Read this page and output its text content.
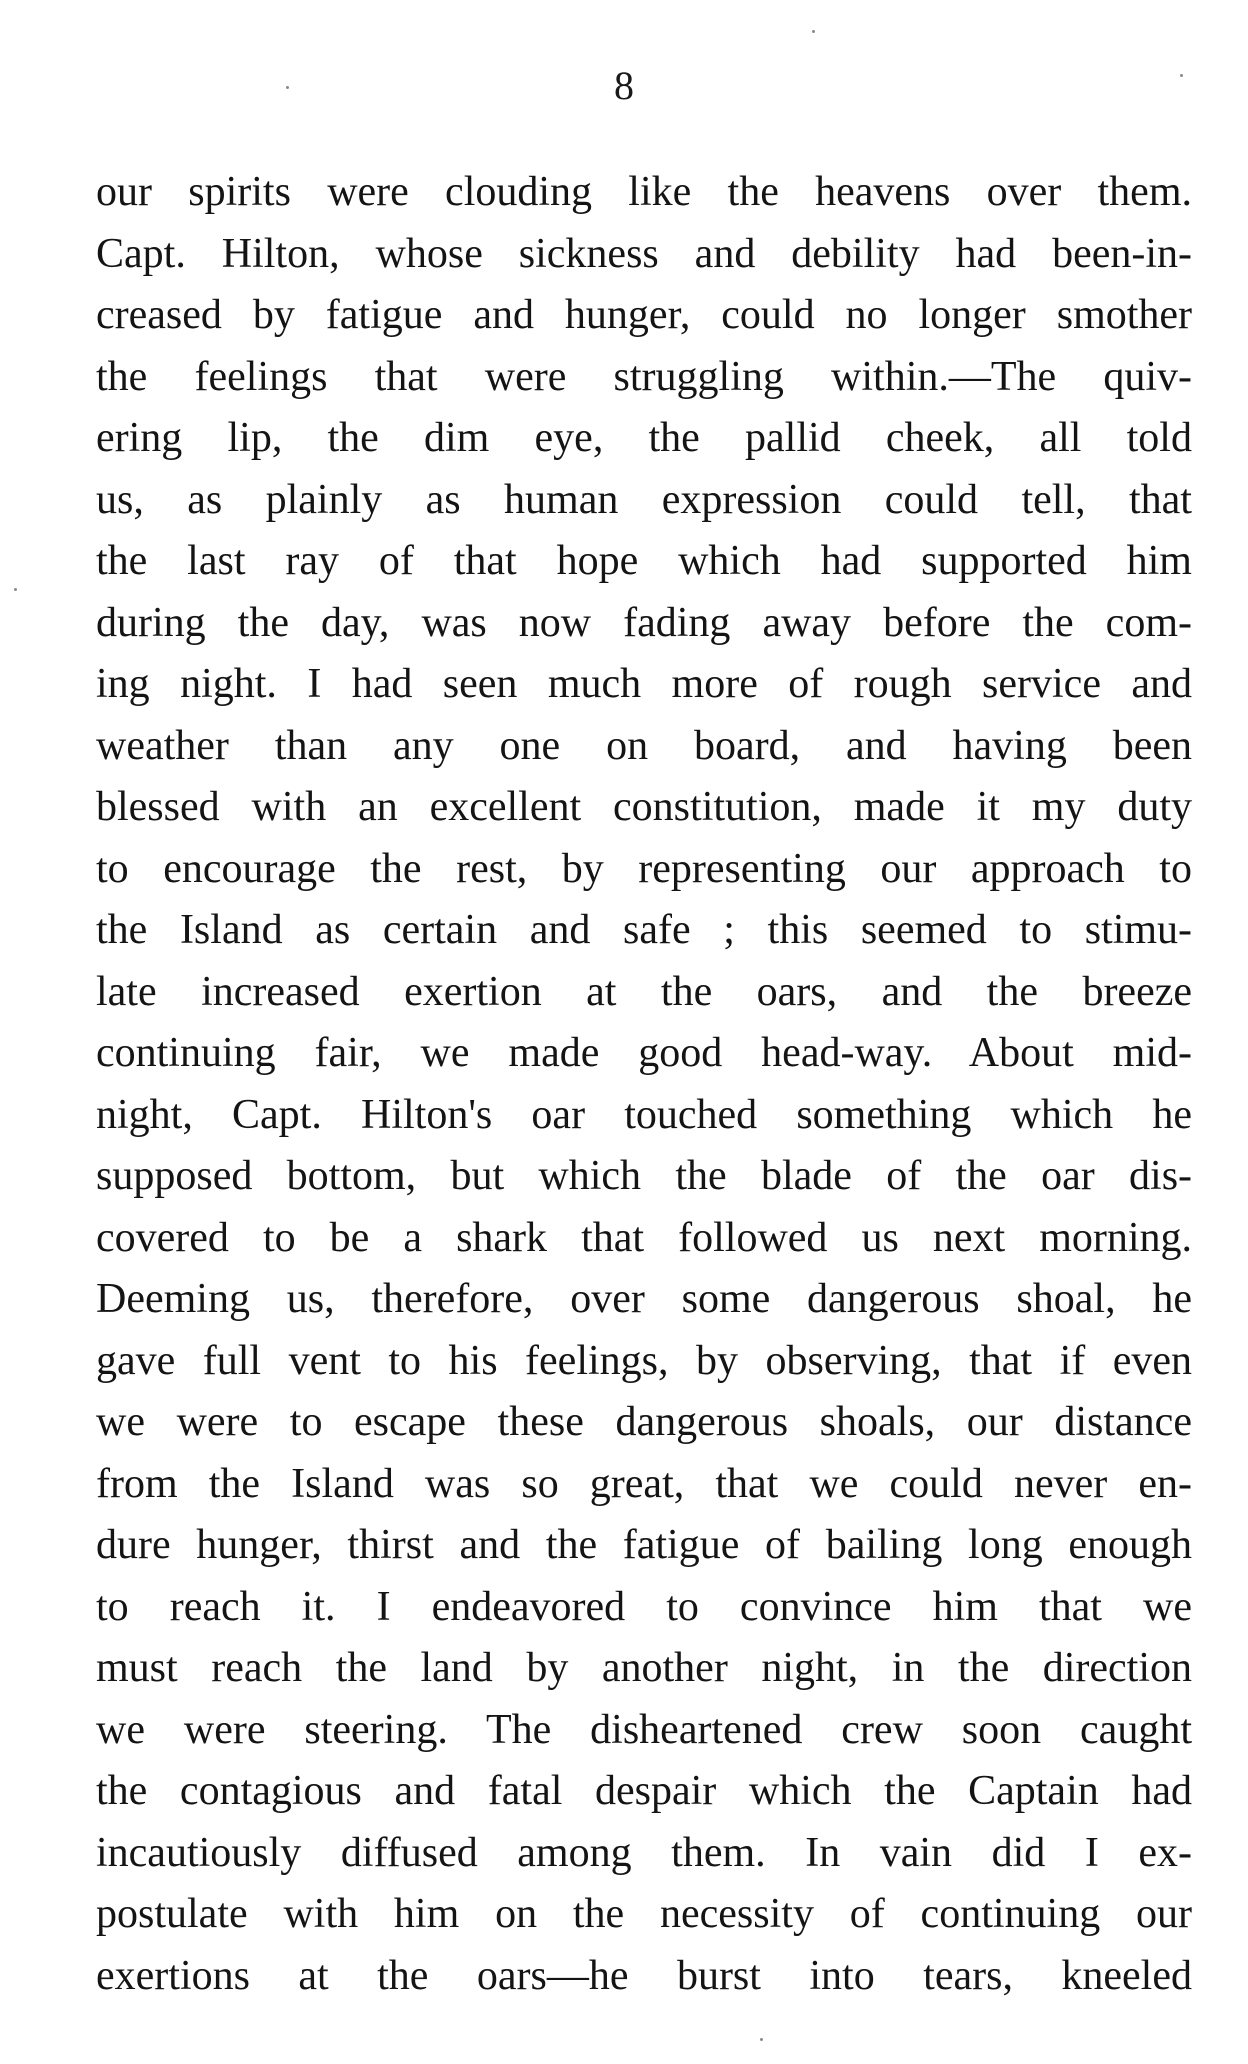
8
our spirits were clouding like the heavens over them.
Capt. Hilton, whose sickness and debility had been-in-
creased by fatigue and hunger, could no longer smother
the feelings that were struggling within.—The quiv-
ering lip, the dim eye, the pallid cheek, all told
us, as plainly as human expression could tell, that
the last ray of that hope which had supported him
during the day, was now fading away before the com-
ing night. I had seen much more of rough service and
weather than any one on board, and having been
blessed with an excellent constitution, made it my duty
to encourage the rest, by representing our approach to
the Island as certain and safe ; this seemed to stimu-
late increased exertion at the oars, and the breeze
continuing fair, we made good head-way. About mid-
night, Capt. Hilton's oar touched something which he
supposed bottom, but which the blade of the oar dis-
covered to be a shark that followed us next morning.
Deeming us, therefore, over some dangerous shoal, he
gave full vent to his feelings, by observing, that if even
we were to escape these dangerous shoals, our distance
from the Island was so great, that we could never en-
dure hunger, thirst and the fatigue of bailing long enough
to reach it. I endeavored to convince him that we
must reach the land by another night, in the direction
we were steering. The disheartened crew soon caught
the contagious and fatal despair which the Captain had
incautiously diffused among them. In vain did I ex-
postulate with him on the necessity of continuing our
exertions at the oars—he burst into tears, kneeled
